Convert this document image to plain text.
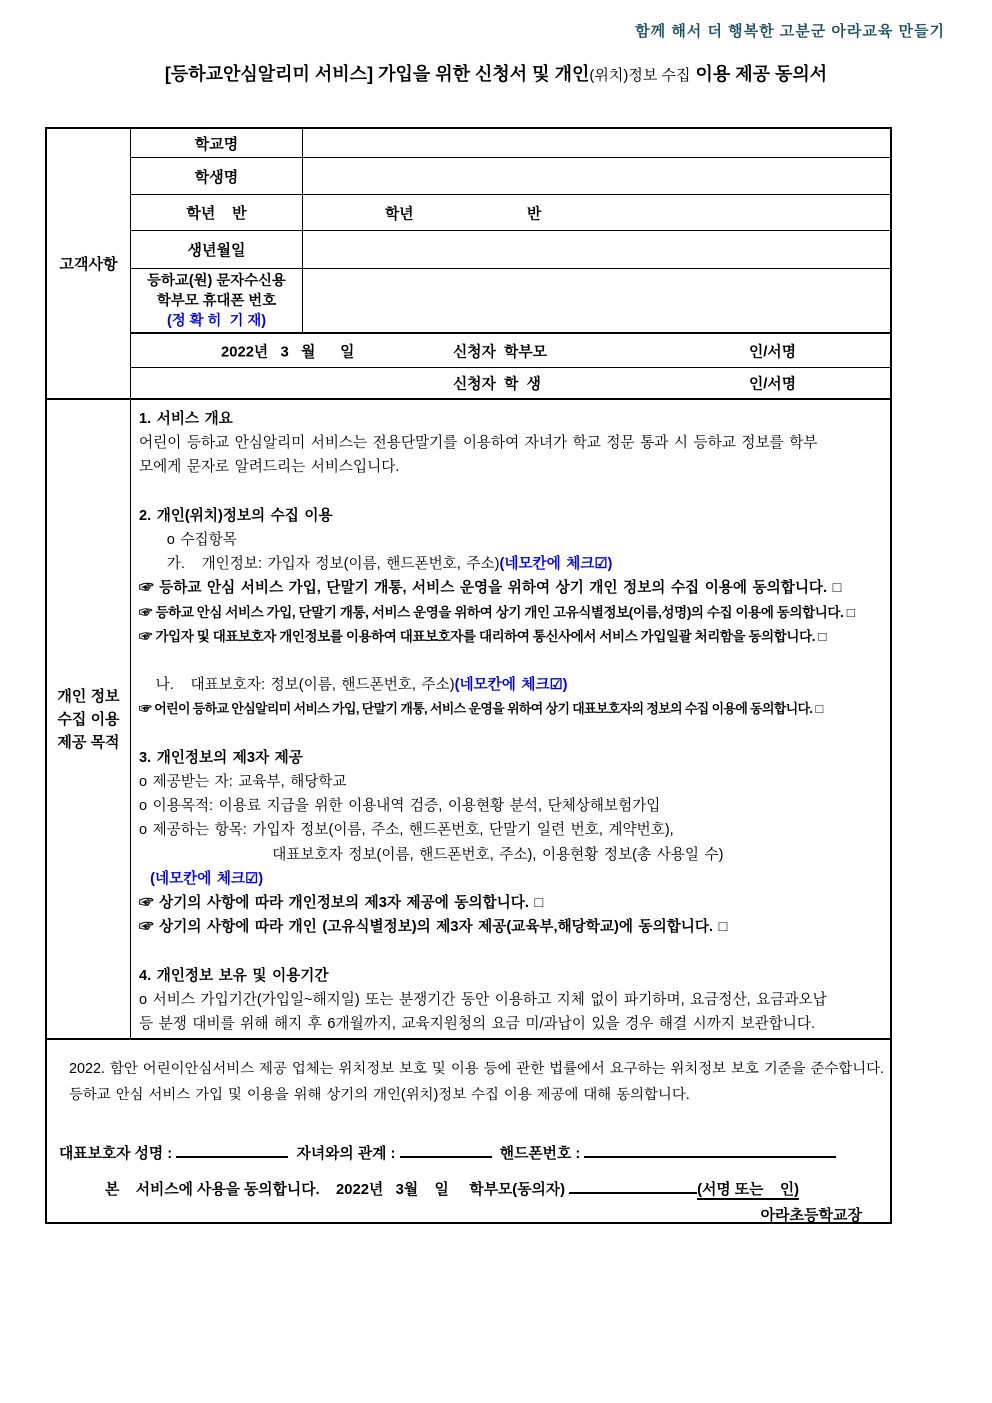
함께 해서 더 행복한 고분군 아라교육 만들기
[등하교안심알리미 서비스] 가입을 위한 신청서 및 개인(위치)정보 수집 이용 제공 동의서
고객사항
학교명
학생명
학년    반	학년	반
생년월일
등하교(원) 문자수신용
학부모 휴대폰 번호
(정 확 히  기 재)
2022년   3   월      일	신청자  학부모	인/서명
신청자  학  생	인/서명
개인 정보
수집 이용
제공 목적
1. 서비스 개요
어린이 등하교 안심알리미 서비스는 전용단말기를 이용하여 자녀가 학교 정문 통과 시 등하교 정보를 학부
모에게 문자로 알려드리는 서비스입니다.

2. 개인(위치)정보의 수집 이용
o 수집항목
가.   개인정보: 가입자 정보(이름, 핸드폰번호, 주소)(네모칸에 체크☑)
☞ 등하교 안심 서비스 가입, 단말기 개통, 서비스 운영을 위하여 상기 개인 정보의 수집 이용에 동의합니다. □
☞ 등하교 안심 서비스 가입, 단말기 개통, 서비스 운영을 위하여 상기 개인 고유식별정보(이름,성명)의 수집 이용에 동의합니다. □
☞ 가입자 및 대표보호자 개인정보를 이용하여 대표보호자를 대리하여 통신사에서 서비스 가입일괄 처리함을 동의합니다. □

나.   대표보호자: 정보(이름, 핸드폰번호, 주소)(네모칸에 체크☑)
☞ 어린이 등하교 안심알리미 서비스 가입, 단말기 개통, 서비스 운영을 위하여 상기 대표보호자의 정보의 수집 이용에 동의합니다. □

3. 개인정보의 제3자 제공
o 제공받는 자: 교육부, 해당학교
o 이용목적: 이용료 지급을 위한 이용내역 검증, 이용현황 분석, 단체상해보험가입
o 제공하는 항목: 가입자 정보(이름, 주소, 핸드폰번호, 단말기 일련 번호, 계약번호),
대표보호자 정보(이름, 핸드폰번호, 주소), 이용현황 정보(총 사용일 수)
(네모칸에 체크☑)
☞ 상기의 사항에 따라 개인정보의 제3자 제공에 동의합니다. □
☞ 상기의 사항에 따라 개인 (고유식별정보)의 제3자 제공(교육부,해당학교)에 동의합니다. □

4. 개인정보 보유 및 이용기간
o 서비스 가입기간(가입일~해지일) 또는 분쟁기간 동안 이용하고 지체 없이 파기하며, 요금정산, 요금과오납
등 분쟁 대비를 위해 해지 후 6개월까지, 교육지원청의 요금 미/과납이 있을 경우 해결 시까지 보관합니다.
2022. 함안 어린이안심서비스 제공 업체는 위치정보 보호 및 이용 등에 관한 법률에서 요구하는 위치정보 보호 기준을 준수합니다.
등하교 안심 서비스 가입 및 이용을 위해 상기의 개인(위치)정보 수집 이용 제공에 대해 동의합니다.
대표보호자 성명 :	자녀와의 관계 :	핸드폰번호 :
본    서비스에 사용을 동의합니다.    2022년   3월    일     학부모(동의자)	(서명 또는    인)
아라초등학교장
